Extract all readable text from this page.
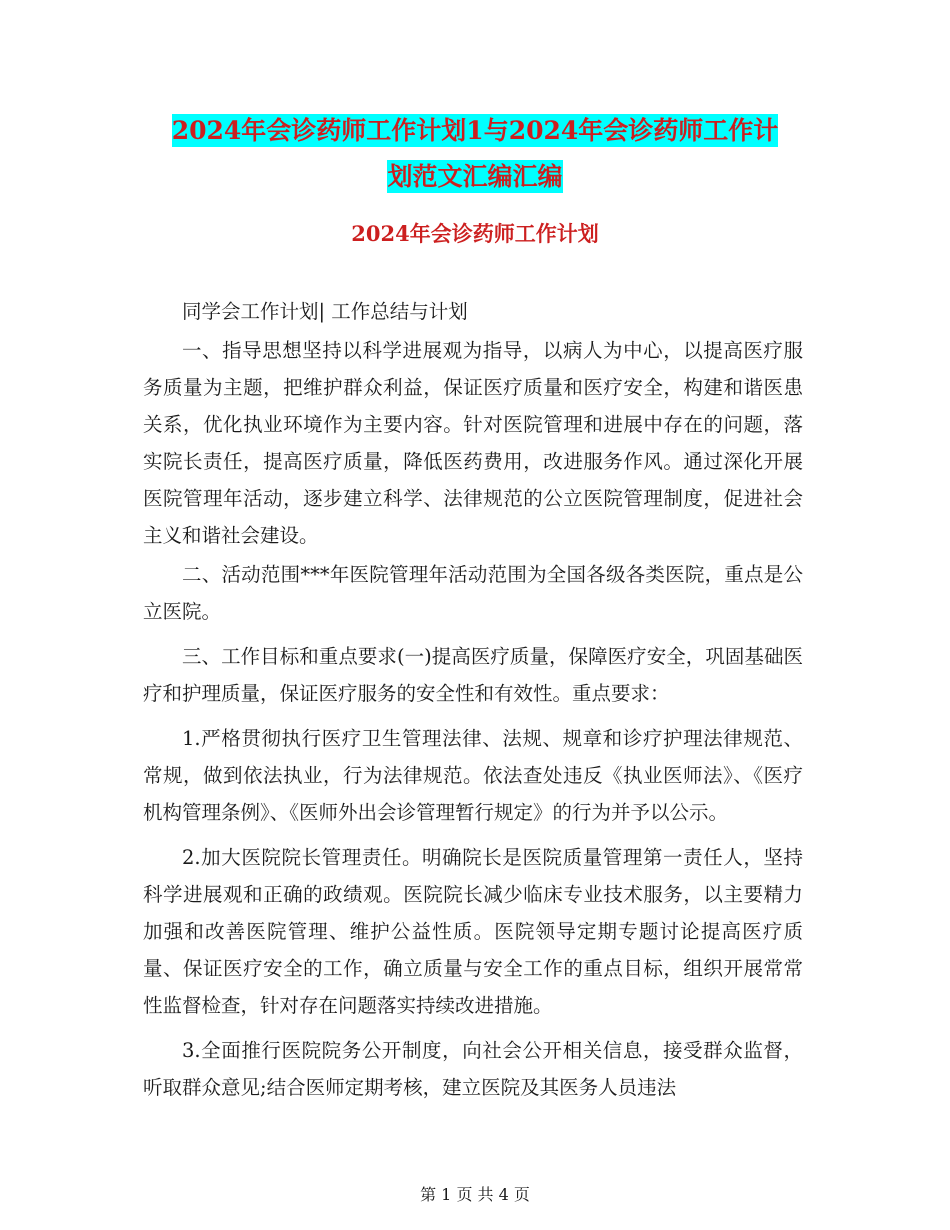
2024年会诊药师工作计划1与2024年会诊药师工作计
划范文汇编汇编
2024年会诊药师工作计划

同学会工作计划| 工作总结与计划

一、指导思想坚持以科学进展观为指导，以病人为中心，以提高医疗服务质量为主题，把维护群众利益，保证医疗质量和医疗安全，构建和谐医患关系，优化执业环境作为主要内容。针对医院管理和进展中存在的问题，落实院长责任，提高医疗质量，降低医药费用，改进服务作风。通过深化开展医院管理年活动，逐步建立科学、法律规范的公立医院管理制度，促进社会主义和谐社会建设。

二、活动范围***年医院管理年活动范围为全国各级各类医院，重点是公立医院。

三、工作目标和重点要求(一)提高医疗质量，保障医疗安全，巩固基础医疗和护理质量，保证医疗服务的安全性和有效性。重点要求：

1.严格贯彻执行医疗卫生管理法律、法规、规章和诊疗护理法律规范、常规，做到依法执业，行为法律规范。依法查处违反《执业医师法》、《医疗机构管理条例》、《医师外出会诊管理暂行规定》的行为并予以公示。

2.加大医院院长管理责任。明确院长是医院质量管理第一责任人，坚持科学进展观和正确的政绩观。医院院长减少临床专业技术服务，以主要精力加强和改善医院管理、维护公益性质。医院领导定期专题讨论提高医疗质量、保证医疗安全的工作，确立质量与安全工作的重点目标，组织开展常常性监督检查，针对存在问题落实持续改进措施。

3.全面推行医院院务公开制度，向社会公开相关信息，接受群众监督，听取群众意见;结合医师定期考核，建立医院及其医务人员违法

第 1 页 共 4 页
